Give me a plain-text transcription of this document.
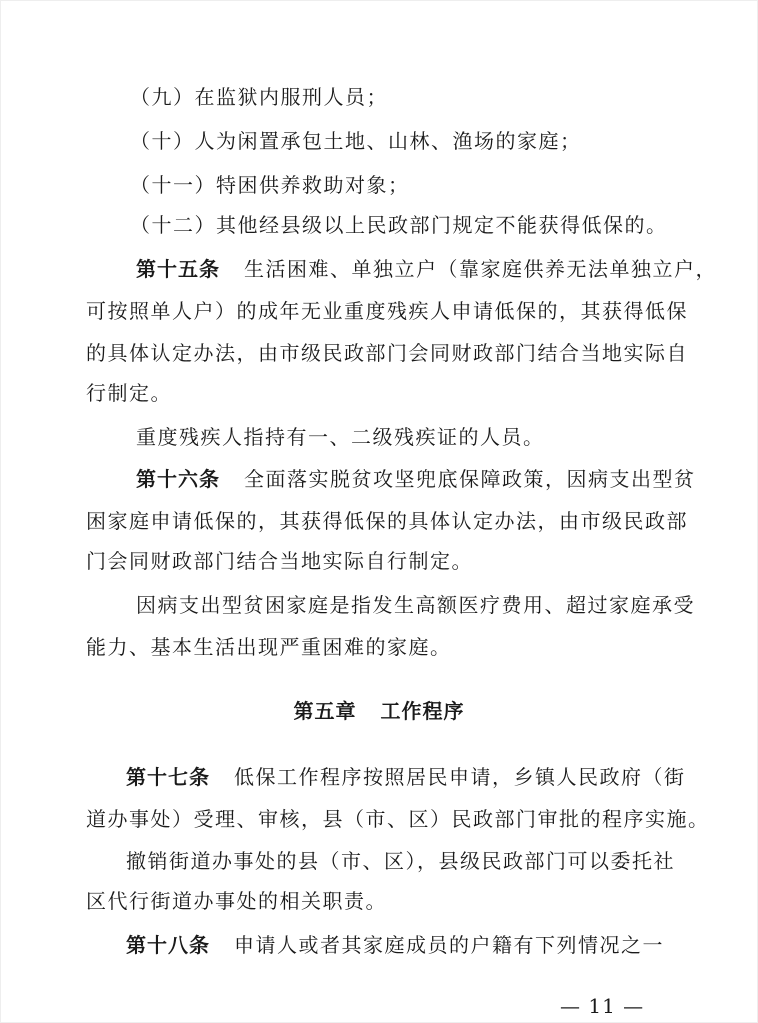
（九）在监狱内服刑人员；
（十）人为闲置承包土地、山林、渔场的家庭；
（十一）特困供养救助对象；
（十二）其他经县级以上民政部门规定不能获得低保的。
第十五条 生活困难、单独立户（靠家庭供养无法单独立户，
可按照单人户）的成年无业重度残疾人申请低保的，其获得低保
的具体认定办法，由市级民政部门会同财政部门结合当地实际自
行制定。
重度残疾人指持有一、二级残疾证的人员。
第十六条 全面落实脱贫攻坚兜底保障政策，因病支出型贫
困家庭申请低保的，其获得低保的具体认定办法，由市级民政部
门会同财政部门结合当地实际自行制定。
因病支出型贫困家庭是指发生高额医疗费用、超过家庭承受
能力、基本生活出现严重困难的家庭。
第五章 工作程序
第十七条 低保工作程序按照居民申请，乡镇人民政府（街
道办事处）受理、审核，县（市、区）民政部门审批的程序实施。
撤销街道办事处的县（市、区），县级民政部门可以委托社
区代行街道办事处的相关职责。
第十八条 申请人或者其家庭成员的户籍有下列情况之一
— 11 —
